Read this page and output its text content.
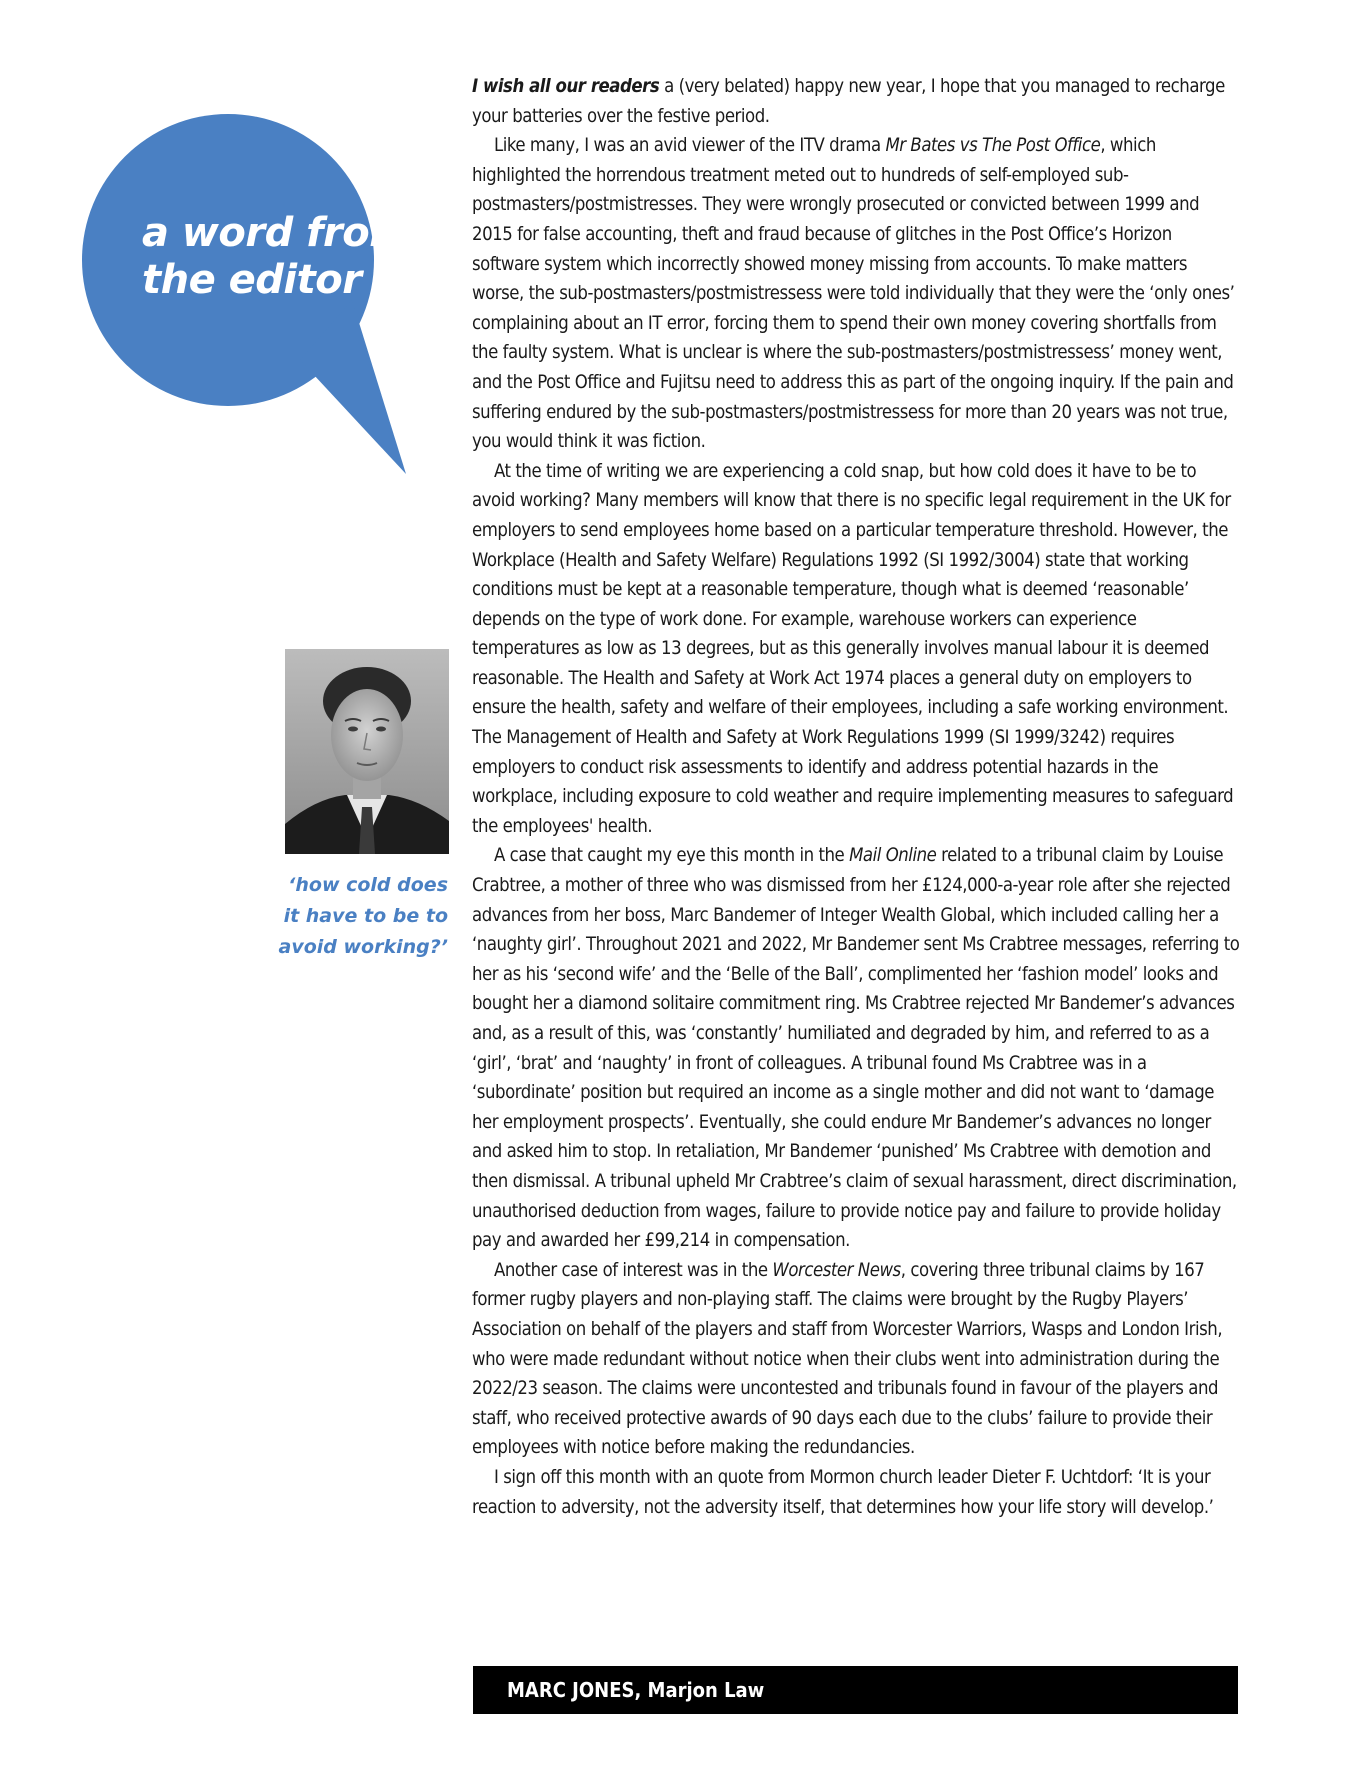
a word from
the editor
‘how cold does
it have to be to
avoid working?’

I wish all our readers a (very belated) happy new year, I hope that you managed to recharge your batteries over the festive period.

Like many, I was an avid viewer of the ITV drama Mr Bates vs The Post Office, which highlighted the horrendous treatment meted out to hundreds of self-employed sub-postmasters/postmistresses. They were wrongly prosecuted or convicted between 1999 and 2015 for false accounting, theft and fraud because of glitches in the Post Office’s Horizon software system which incorrectly showed money missing from accounts. To make matters worse, the sub-postmasters/postmistressess were told individually that they were the ‘only ones’ complaining about an IT error, forcing them to spend their own money covering shortfalls from the faulty system. What is unclear is where the sub-postmasters/postmistressess’ money went, and the Post Office and Fujitsu need to address this as part of the ongoing inquiry. If the pain and suffering endured by the sub-postmasters/postmistressess for more than 20 years was not true, you would think it was fiction.

At the time of writing we are experiencing a cold snap, but how cold does it have to be to avoid working? Many members will know that there is no specific legal requirement in the UK for employers to send employees home based on a particular temperature threshold. However, the Workplace (Health and Safety Welfare) Regulations 1992 (SI 1992/3004) state that working conditions must be kept at a reasonable temperature, though what is deemed ‘reasonable’ depends on the type of work done. For example, warehouse workers can experience temperatures as low as 13 degrees, but as this generally involves manual labour it is deemed reasonable. The Health and Safety at Work Act 1974 places a general duty on employers to ensure the health, safety and welfare of their employees, including a safe working environment. The Management of Health and Safety at Work Regulations 1999 (SI 1999/3242) requires employers to conduct risk assessments to identify and address potential hazards in the workplace, including exposure to cold weather and require implementing measures to safeguard the employees' health.

A case that caught my eye this month in the Mail Online related to a tribunal claim by Louise Crabtree, a mother of three who was dismissed from her £124,000-a-year role after she rejected advances from her boss, Marc Bandemer of Integer Wealth Global, which included calling her a ‘naughty girl’. Throughout 2021 and 2022, Mr Bandemer sent Ms Crabtree messages, referring to her as his ‘second wife’ and the ‘Belle of the Ball’, complimented her ‘fashion model’ looks and bought her a diamond solitaire commitment ring. Ms Crabtree rejected Mr Bandemer’s advances and, as a result of this, was ‘constantly’ humiliated and degraded by him, and referred to as a ‘girl’, ‘brat’ and ‘naughty’ in front of colleagues. A tribunal found Ms Crabtree was in a ‘subordinate’ position but required an income as a single mother and did not want to ‘damage her employment prospects’. Eventually, she could endure Mr Bandemer’s advances no longer and asked him to stop. In retaliation, Mr Bandemer ‘punished’ Ms Crabtree with demotion and then dismissal. A tribunal upheld Mr Crabtree’s claim of sexual harassment, direct discrimination, unauthorised deduction from wages, failure to provide notice pay and failure to provide holiday pay and awarded her £99,214 in compensation.

Another case of interest was in the Worcester News, covering three tribunal claims by 167 former rugby players and non-playing staff. The claims were brought by the Rugby Players’ Association on behalf of the players and staff from Worcester Warriors, Wasps and London Irish, who were made redundant without notice when their clubs went into administration during the 2022/23 season. The claims were uncontested and tribunals found in favour of the players and staff, who received protective awards of 90 days each due to the clubs’ failure to provide their employees with notice before making the redundancies.

I sign off this month with an quote from Mormon church leader Dieter F. Uchtdorf: ‘It is your reaction to adversity, not the adversity itself, that determines how your life story will develop.’

MARC JONES, Marjon Law
